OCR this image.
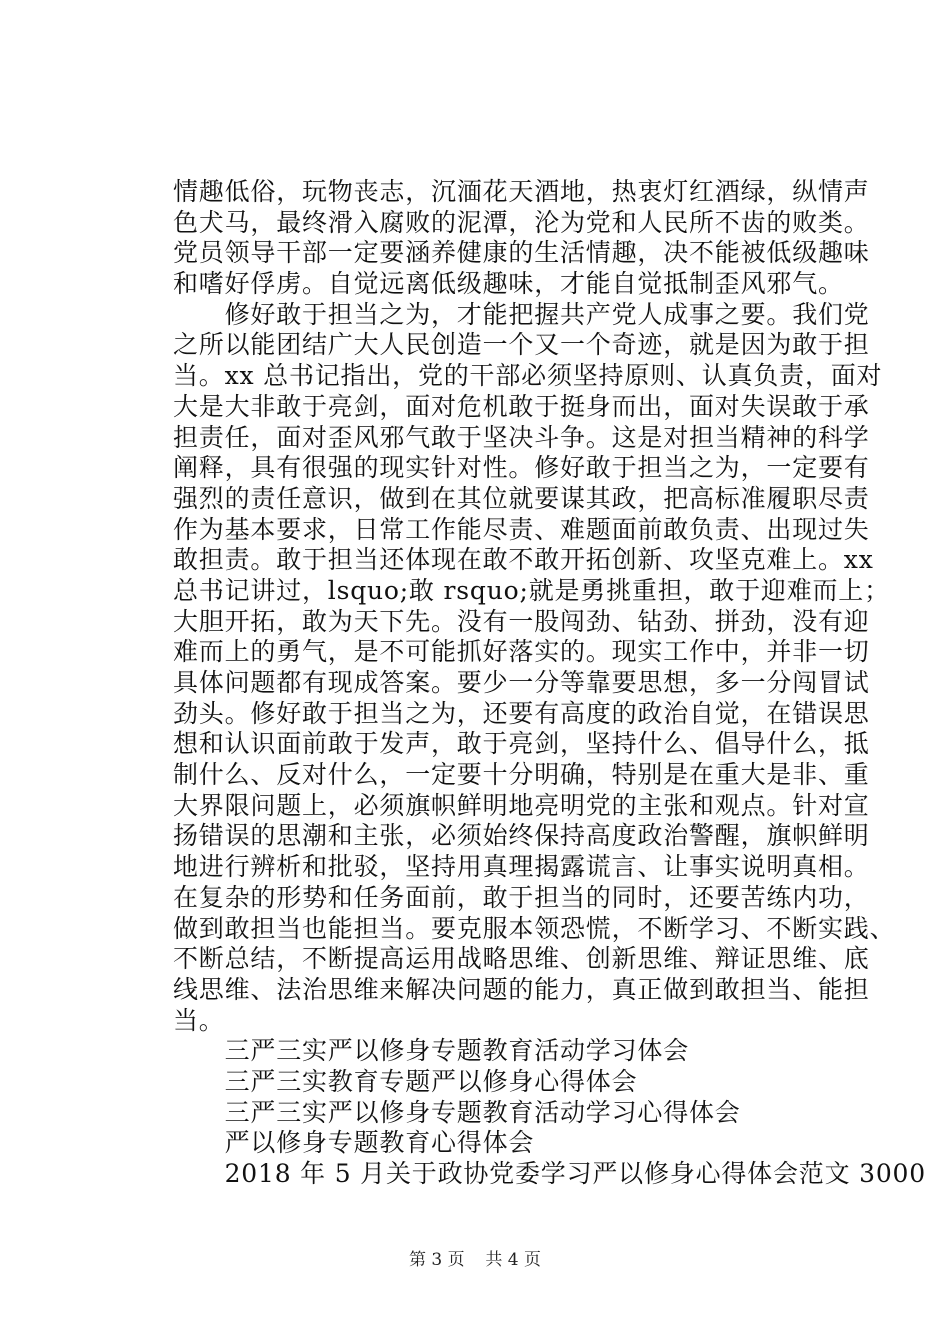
情趣低俗，玩物丧志，沉湎花天酒地，热衷灯红酒绿，纵情声
色犬马，最终滑入腐败的泥潭，沦为党和人民所不齿的败类。
党员领导干部一定要涵养健康的生活情趣，决不能被低级趣味
和嗜好俘虏。自觉远离低级趣味，才能自觉抵制歪风邪气。
　　修好敢于担当之为，才能把握共产党人成事之要。我们党
之所以能团结广大人民创造一个又一个奇迹，就是因为敢于担
当。xx 总书记指出，党的干部必须坚持原则、认真负责，面对
大是大非敢于亮剑，面对危机敢于挺身而出，面对失误敢于承
担责任，面对歪风邪气敢于坚决斗争。这是对担当精神的科学
阐释，具有很强的现实针对性。修好敢于担当之为，一定要有
强烈的责任意识，做到在其位就要谋其政，把高标准履职尽责
作为基本要求，日常工作能尽责、难题面前敢负责、出现过失
敢担责。敢于担当还体现在敢不敢开拓创新、攻坚克难上。xx
总书记讲过，lsquo;敢 rsquo;就是勇挑重担，敢于迎难而上；
大胆开拓，敢为天下先。没有一股闯劲、钻劲、拼劲，没有迎
难而上的勇气，是不可能抓好落实的。现实工作中，并非一切
具体问题都有现成答案。要少一分等靠要思想，多一分闯冒试
劲头。修好敢于担当之为，还要有高度的政治自觉，在错误思
想和认识面前敢于发声，敢于亮剑，坚持什么、倡导什么，抵
制什么、反对什么，一定要十分明确，特别是在重大是非、重
大界限问题上，必须旗帜鲜明地亮明党的主张和观点。针对宣
扬错误的思潮和主张，必须始终保持高度政治警醒，旗帜鲜明
地进行辨析和批驳，坚持用真理揭露谎言、让事实说明真相。
在复杂的形势和任务面前，敢于担当的同时，还要苦练内功，
做到敢担当也能担当。要克服本领恐慌，不断学习、不断实践、
不断总结，不断提高运用战略思维、创新思维、辩证思维、底
线思维、法治思维来解决问题的能力，真正做到敢担当、能担
当。
　　三严三实严以修身专题教育活动学习体会
　　三严三实教育专题严以修身心得体会
　　三严三实严以修身专题教育活动学习心得体会
　　严以修身专题教育心得体会
　　2018 年 5 月关于政协党委学习严以修身心得体会范文 3000
第 3 页 共 4 页
